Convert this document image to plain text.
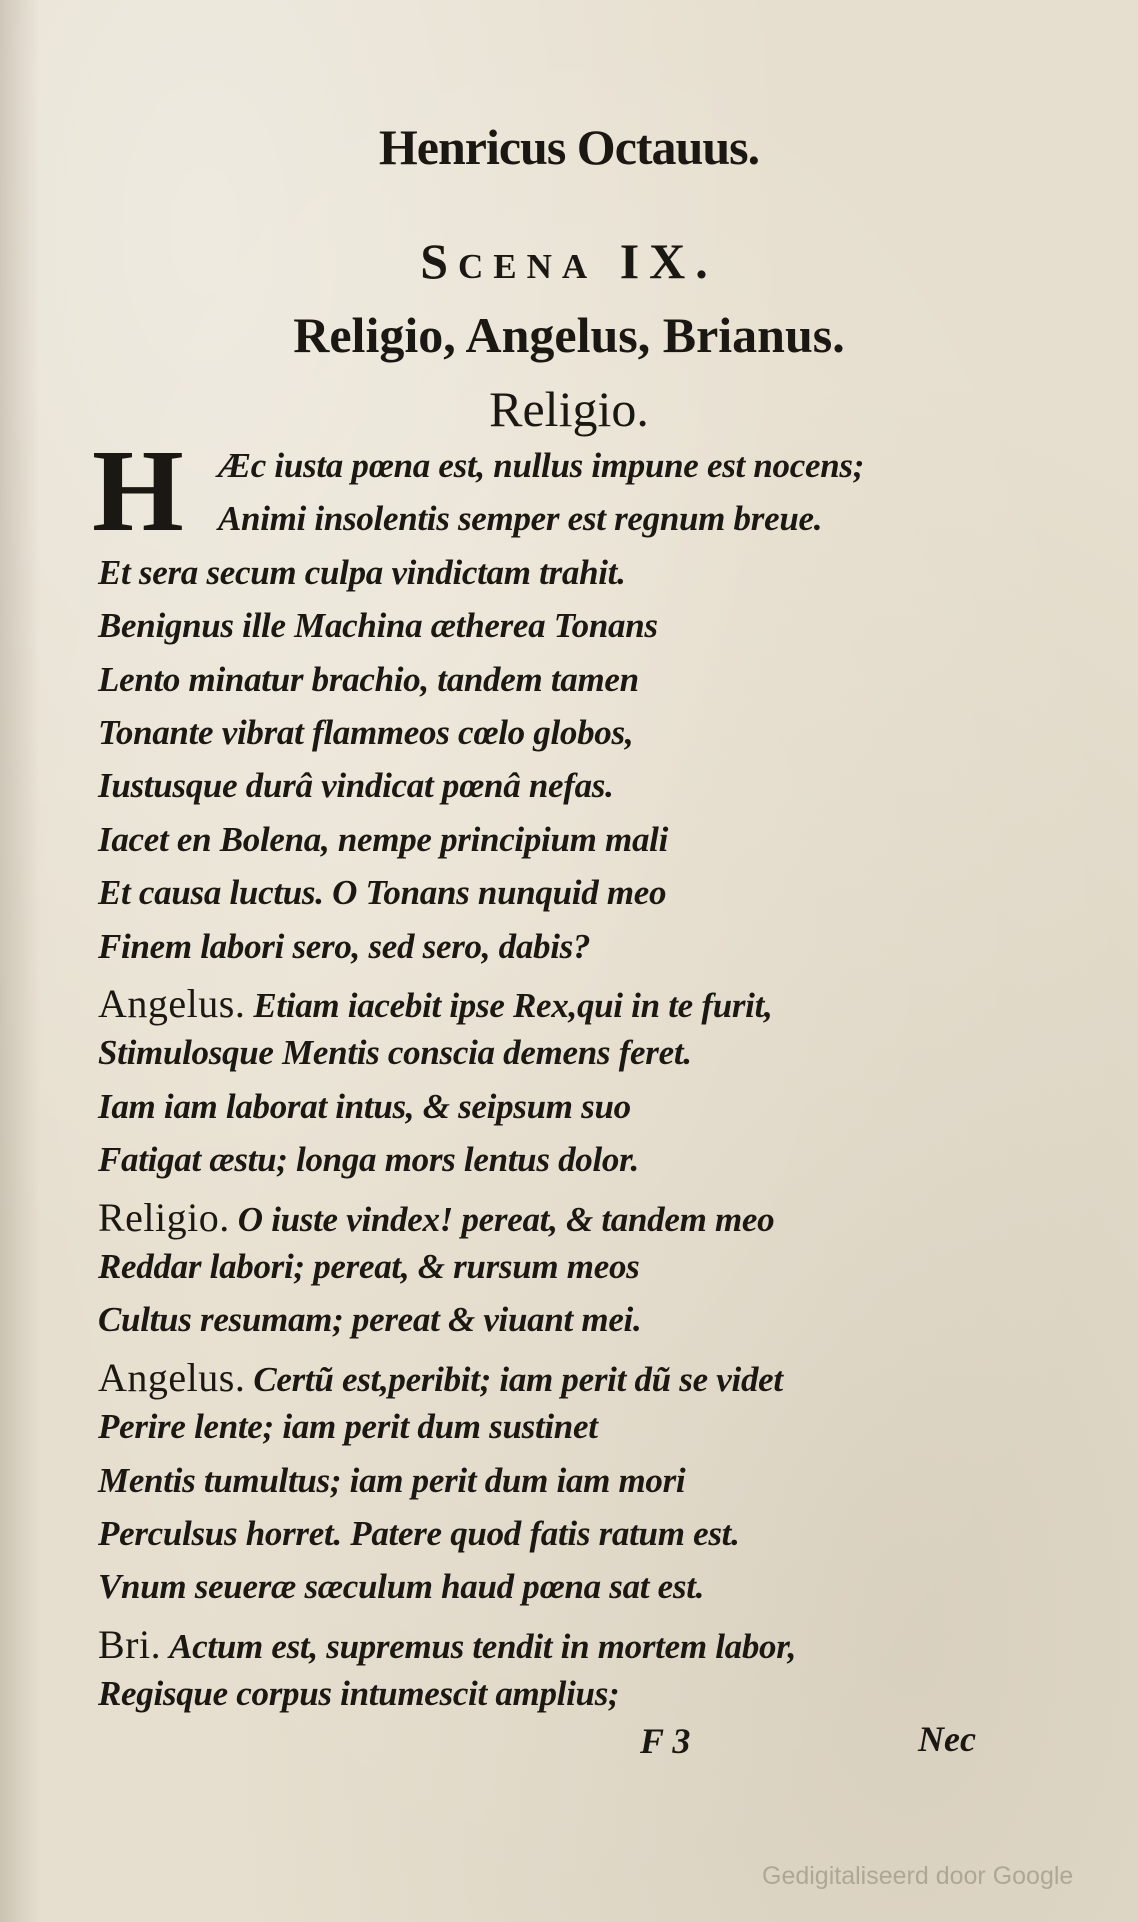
Henricus Octauus.
Scena IX.
Religio, Angelus, Brianus.
Religio.
H Æc iusta pœna est, nullus impune est nocens;
Animi insolentis semper est regnum breue.
Et sera secum culpa vindictam trahit.
Benignus ille Machina ætherea Tonans
Lento minatur brachio, tandem tamen
Tonante vibrat flammeos cœlo globos,
Iustusque durâ vindicat pœnâ nefas.
Iacet en Bolena, nempe principium mali
Et causa luctus. O Tonans nunquid meo
Finem labori sero, sed sero, dabis?
Angelus. Etiam iacebit ipse Rex,qui in te furit,
Stimulosque Mentis conscia demens feret.
Iam iam laborat intus, & seipsum suo
Fatigat æstu; longa mors lentus dolor.
Religio. O iuste vindex! pereat, & tandem meo
Reddar labori; pereat, & rursum meos
Cultus resumam; pereat & viuant mei.
Angelus. Certũ est,peribit; iam perit dũ se videt
Perire lente; iam perit dum sustinet
Mentis tumultus; iam perit dum iam mori
Perculsus horret. Patere quod fatis ratum est.
Vnum seueræ sæculum haud pœna sat est.
Bri. Actum est, supremus tendit in mortem labor,
Regisque corpus intumescit amplius;
F 3	Nec
Gedigitaliseerd door Google
